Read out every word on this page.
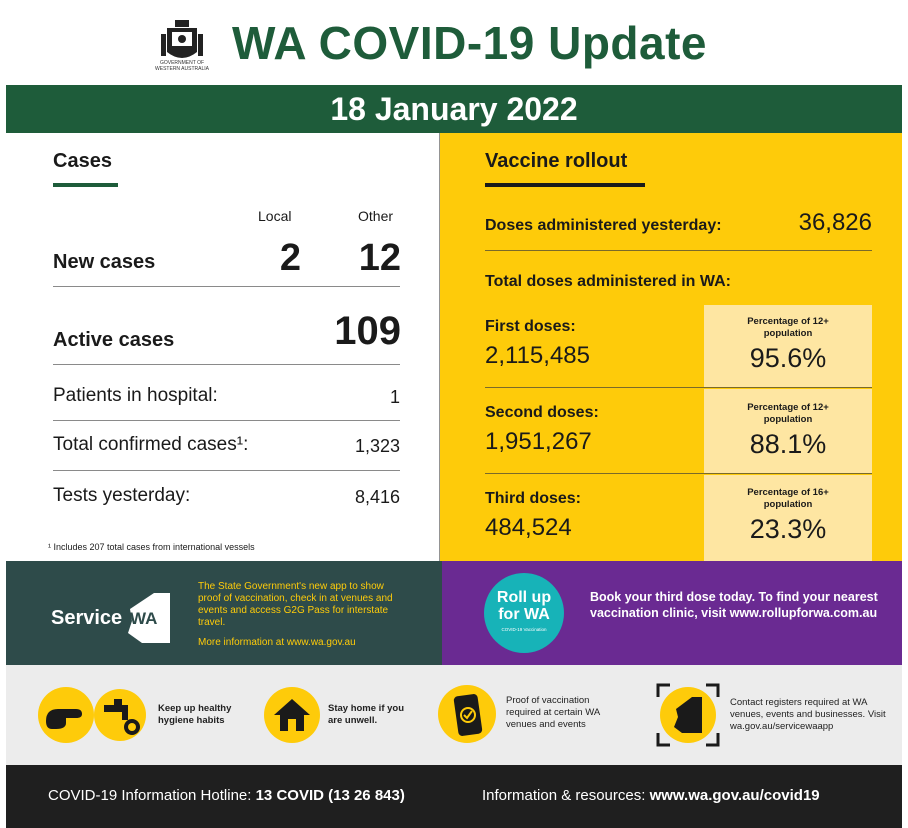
GOVERNMENT OF WESTERN AUSTRALIA WA COVID-19 Update
18 January 2022
Cases
Local	Other
New cases	2	12
Active cases	109
Patients in hospital:	1
Total confirmed cases¹:	1,323
Tests yesterday:	8,416
¹ Includes 207 total cases from international vessels
Vaccine rollout
Doses administered yesterday:	36,826
Total doses administered in WA:
First doses:
2,115,485
Percentage of 12+ population
95.6%
Second doses:
1,951,267
Percentage of 12+ population
88.1%
Third doses:
484,524
Percentage of 16+ population
23.3%
Service WA
The State Government's new app to show proof of vaccination, check in at venues and events and access G2G Pass for interstate travel.
More information at www.wa.gov.au
Roll up
for WA
COVID-19 Vaccination
Book your third dose today. To find your nearest vaccination clinic, visit www.rollupforwa.com.au
Keep up healthy hygiene habits
Stay home if you are unwell.
Proof of vaccination required at certain WA venues and events
Contact registers required at WA venues, events and businesses. Visit wa.gov.au/servicewaapp
COVID-19 Information Hotline: 13 COVID (13 26 843)	Information & resources: www.wa.gov.au/covid19
